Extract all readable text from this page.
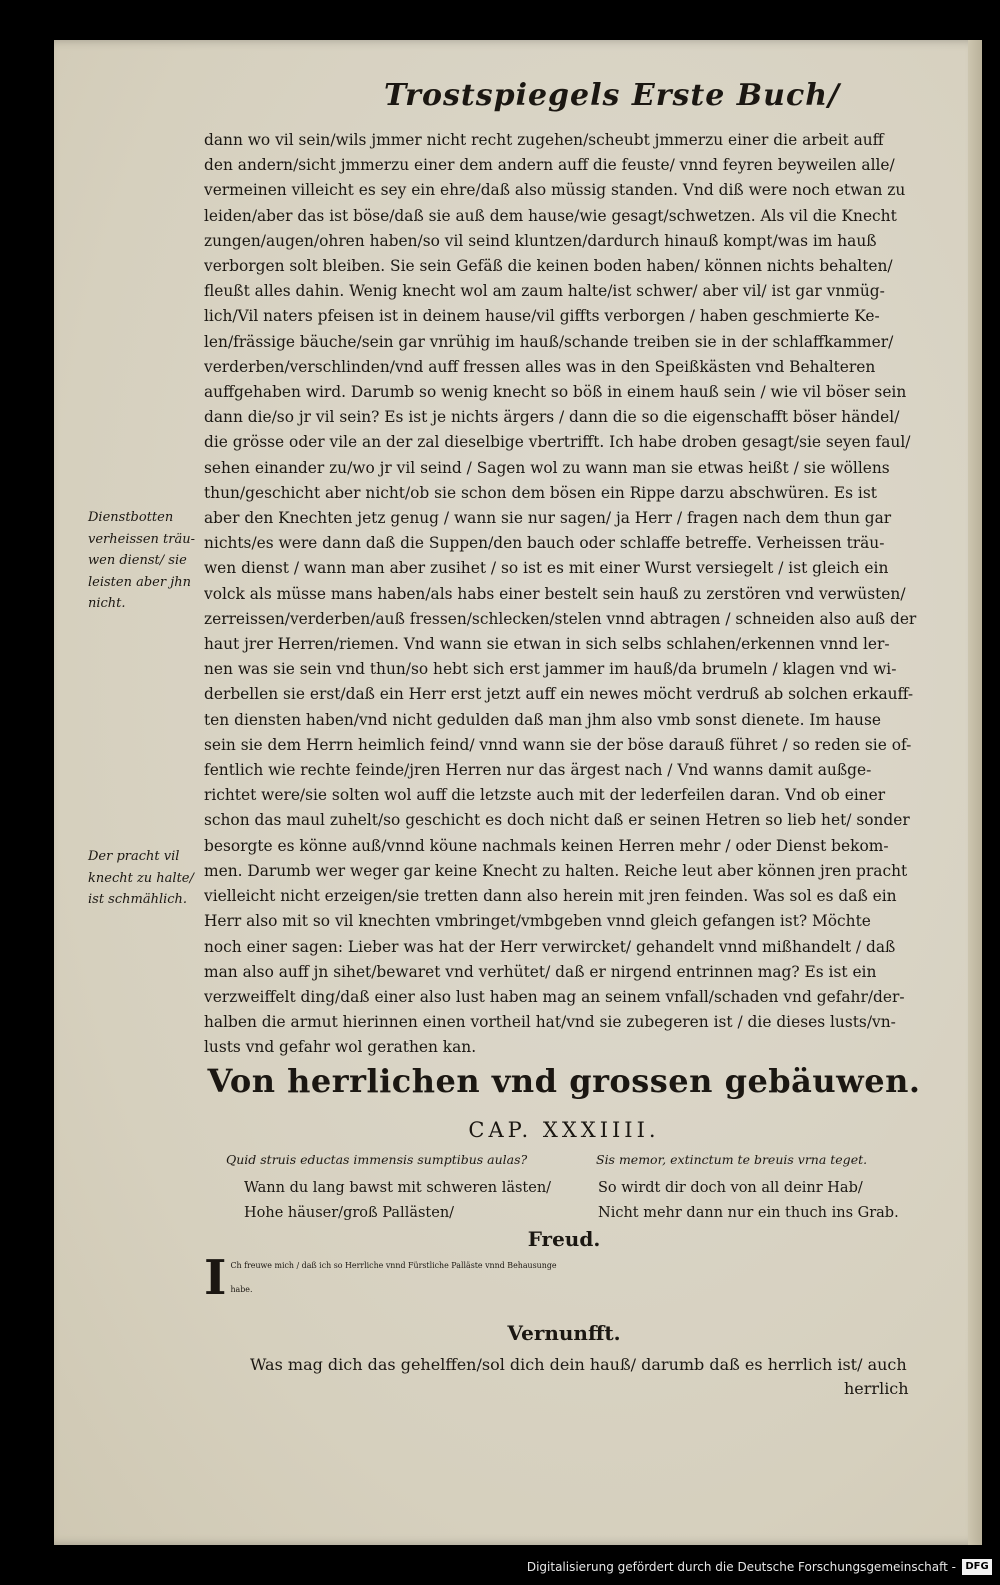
Trostspiegels Erste Buch/
dann wo vil sein/wils jmmer nicht recht zugehen/scheubt jmmerzu einer die arbeit auff
den andern/sicht jmmerzu einer dem andern auff die feuste/ vnnd feyren beyweilen alle/
vermeinen villeicht es sey ein ehre/daß also müssig standen. Vnd diß were noch etwan zu
leiden/aber das ist böse/daß sie auß dem hause/wie gesagt/schwetzen. Als vil die Knecht
zungen/augen/ohren haben/so vil seind kluntzen/dardurch hinauß kompt/was im hauß
verborgen solt bleiben. Sie sein Gefäß die keinen boden haben/ können nichts behalten/
fleußt alles dahin. Wenig knecht wol am zaum halte/ist schwer/ aber vil/ ist gar vnmüg-
lich/Vil naters pfeisen ist in deinem hause/vil giffts verborgen / haben geschmierte Ke-
len/frässige bäuche/sein gar vnrühig im hauß/schande treiben sie in der schlaffkammer/
verderben/verschlinden/vnd auff fressen alles was in den Speißkästen vnd Behalteren
auffgehaben wird. Darumb so wenig knecht so böß in einem hauß sein / wie vil böser sein
dann die/so jr vil sein? Es ist je nichts ärgers / dann die so die eigenschafft böser händel/
die grösse oder vile an der zal dieselbige vbertrifft. Ich habe droben gesagt/sie seyen faul/
sehen einander zu/wo jr vil seind / Sagen wol zu wann man sie etwas heißt / sie wöllens
thun/geschicht aber nicht/ob sie schon dem bösen ein Rippe darzu abschwüren. Es ist
aber den Knechten jetz genug / wann sie nur sagen/ ja Herr / fragen nach dem thun gar
nichts/es were dann daß die Suppen/den bauch oder schlaffe betreffe. Verheissen träu-
wen dienst / wann man aber zusihet / so ist es mit einer Wurst versiegelt / ist gleich ein
volck als müsse mans haben/als habs einer bestelt sein hauß zu zerstören vnd verwüsten/
zerreissen/verderben/auß fressen/schlecken/stelen vnnd abtragen / schneiden also auß der
haut jrer Herren/riemen. Vnd wann sie etwan in sich selbs schlahen/erkennen vnnd ler-
nen was sie sein vnd thun/so hebt sich erst jammer im hauß/da brumeln / klagen vnd wi-
derbellen sie erst/daß ein Herr erst jetzt auff ein newes möcht verdruß ab solchen erkauff-
ten diensten haben/vnd nicht gedulden daß man jhm also vmb sonst dienete. Im hause
sein sie dem Herrn heimlich feind/ vnnd wann sie der böse darauß führet / so reden sie of-
fentlich wie rechte feinde/jren Herren nur das ärgest nach / Vnd wanns damit außge-
richtet were/sie solten wol auff die letzste auch mit der lederfeilen daran. Vnd ob einer
schon das maul zuhelt/so geschicht es doch nicht daß er seinen Hetren so lieb het/ sonder
besorgte es könne auß/vnnd köune nachmals keinen Herren mehr / oder Dienst bekom-
men. Darumb wer weger gar keine Knecht zu halten. Reiche leut aber können jren pracht
vielleicht nicht erzeigen/sie tretten dann also herein mit jren feinden. Was sol es daß ein
Herr also mit so vil knechten vmbringet/vmbgeben vnnd gleich gefangen ist? Möchte
noch einer sagen: Lieber was hat der Herr verwircket/ gehandelt vnnd mißhandelt / daß
man also auff jn sihet/bewaret vnd verhütet/ daß er nirgend entrinnen mag? Es ist ein
verzweiffelt ding/daß einer also lust haben mag an seinem vnfall/schaden vnd gefahr/der-
halben die armut hierinnen einen vortheil hat/vnd sie zubegeren ist / die dieses lusts/vn-
lusts vnd gefahr wol gerathen kan.
Dienstbotten
verheissen träu-
wen dienst/ sie
leisten aber jhn
nicht.
Der pracht vil
knecht zu halte/
ist schmählich.
Von herrlichen vnd grossen gebäuwen.
CAP. XXXIIII.
Quid struis eductas immensis sumptibus aulas?	Sis memor, extinctum te breuis vrna teget.
Wann du lang bawst mit schweren lästen/
Hohe häuser/groß Pallästen/
So wirdt dir doch von all deinr Hab/
Nicht mehr dann nur ein thuch ins Grab.
Freud.
I Ch freuwe mich / daß ich so Herrliche vnnd Fürstliche Palläste vnnd Behausunge
habe.
Vernunfft.
Was mag dich das gehelffen/sol dich dein hauß/ darumb daß es herrlich ist/ auch
herrlich
Digitalisierung gefördert durch die Deutsche Forschungsgemeinschaft - DFG
